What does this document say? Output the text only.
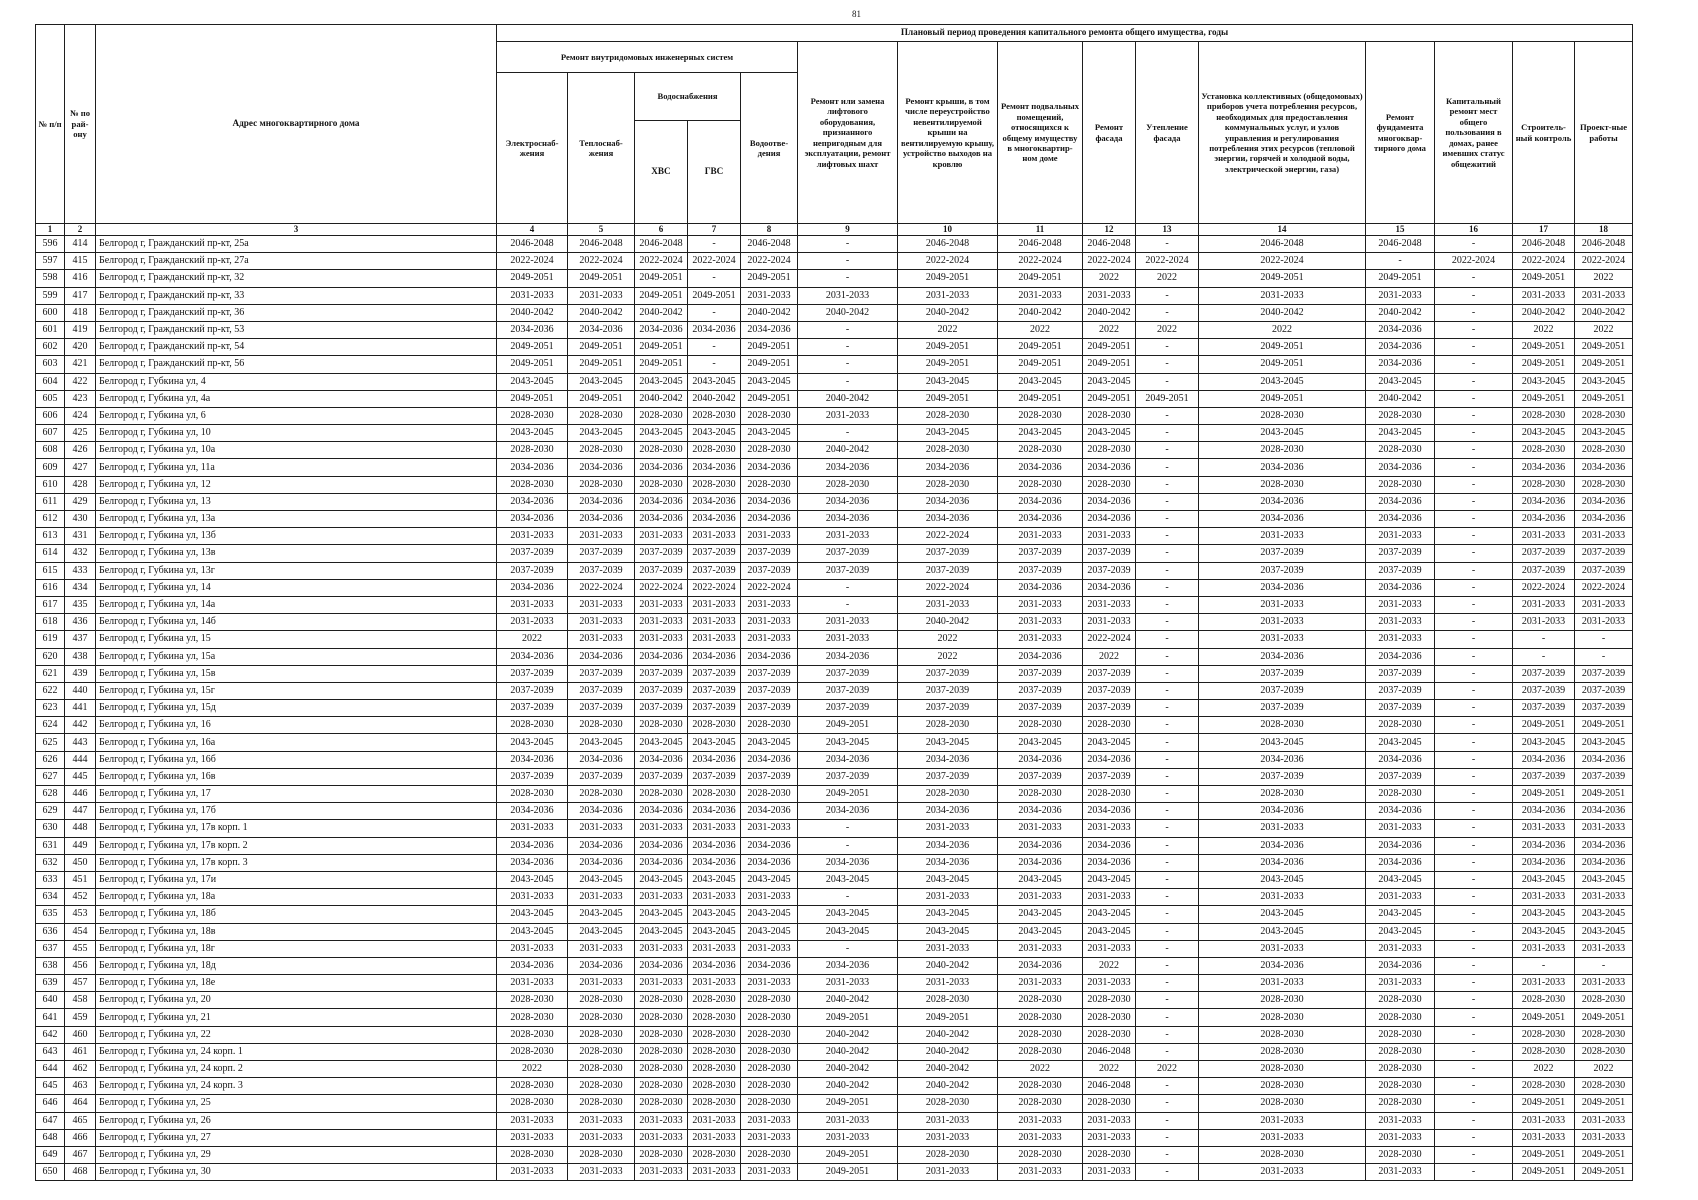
81
№ п/п	№ по рай-ону	Адрес многоквартирного дома	Плановый период проведения капитального ремонта общего имущества, годы														
			Ремонт внутридомовых инженерных систем					Ремонт или замена лифтового оборудования, признанного непригодным для эксплуатации, ремонт лифтовых шахт	Ремонт крыши, в том числе переустройство невентилируемой крыши на вентилируемую крышу, устройство выходов на кровлю	Ремонт подвальных помещений, относящихся к общему имуществу в многоквартир-ном доме	Ремонт фасада	Утепление фасада	Установка коллективных (общедомовых) приборов учета потребления ресурсов, необходимых для предоставления коммунальных услуг, и узлов управления и регулирования потребления этих ресурсов (тепловой энергии, горячей и холодной воды, электрической энергии, газа)	Ремонт фундамента многоквар-тирного дома	Капитальный ремонт мест общего пользования в домах, ранее имевших статус общежитий	Строитель-ный контроль	Проект-ные работы
			Электроснаб-жения	Теплоснаб-жения	Водоснабжения		Водоотве-дения										
					ХВС	ГВС											
1	2	3	4	5	6	7	8	9	10	11	12	13	14	15	16	17	18
596	414	Белгород г, Гражданский пр-кт, 25а	2046-2048	2046-2048	2046-2048	-	2046-2048	-	2046-2048	2046-2048	2046-2048	-	2046-2048	2046-2048	-	2046-2048	2046-2048
597	415	Белгород г, Гражданский пр-кт, 27а	2022-2024	2022-2024	2022-2024	2022-2024	2022-2024	-	2022-2024	2022-2024	2022-2024	2022-2024	2022-2024	-	2022-2024	2022-2024	2022-2024
598	416	Белгород г, Гражданский пр-кт, 32	2049-2051	2049-2051	2049-2051	-	2049-2051	-	2049-2051	2049-2051	2022	2022	2049-2051	2049-2051	-	2049-2051	2022
599	417	Белгород г, Гражданский пр-кт, 33	2031-2033	2031-2033	2049-2051	2049-2051	2031-2033	2031-2033	2031-2033	2031-2033	2031-2033	-	2031-2033	2031-2033	-	2031-2033	2031-2033
600	418	Белгород г, Гражданский пр-кт, 36	2040-2042	2040-2042	2040-2042	-	2040-2042	2040-2042	2040-2042	2040-2042	2040-2042	-	2040-2042	2040-2042	-	2040-2042	2040-2042
601	419	Белгород г, Гражданский пр-кт, 53	2034-2036	2034-2036	2034-2036	2034-2036	2034-2036	-	2022	2022	2022	2022	2022	2034-2036	-	2022	2022
602	420	Белгород г, Гражданский пр-кт, 54	2049-2051	2049-2051	2049-2051	-	2049-2051	-	2049-2051	2049-2051	2049-2051	-	2049-2051	2034-2036	-	2049-2051	2049-2051
603	421	Белгород г, Гражданский пр-кт, 56	2049-2051	2049-2051	2049-2051	-	2049-2051	-	2049-2051	2049-2051	2049-2051	-	2049-2051	2034-2036	-	2049-2051	2049-2051
604	422	Белгород г, Губкина ул, 4	2043-2045	2043-2045	2043-2045	2043-2045	2043-2045	-	2043-2045	2043-2045	2043-2045	-	2043-2045	2043-2045	-	2043-2045	2043-2045
605	423	Белгород г, Губкина ул, 4а	2049-2051	2049-2051	2040-2042	2040-2042	2049-2051	2040-2042	2049-2051	2049-2051	2049-2051	2049-2051	2049-2051	2040-2042	-	2049-2051	2049-2051
606	424	Белгород г, Губкина ул, 6	2028-2030	2028-2030	2028-2030	2028-2030	2028-2030	2031-2033	2028-2030	2028-2030	2028-2030	-	2028-2030	2028-2030	-	2028-2030	2028-2030
607	425	Белгород г, Губкина ул, 10	2043-2045	2043-2045	2043-2045	2043-2045	2043-2045	-	2043-2045	2043-2045	2043-2045	-	2043-2045	2043-2045	-	2043-2045	2043-2045
608	426	Белгород г, Губкина ул, 10а	2028-2030	2028-2030	2028-2030	2028-2030	2028-2030	2040-2042	2028-2030	2028-2030	2028-2030	-	2028-2030	2028-2030	-	2028-2030	2028-2030
609	427	Белгород г, Губкина ул, 11а	2034-2036	2034-2036	2034-2036	2034-2036	2034-2036	2034-2036	2034-2036	2034-2036	2034-2036	-	2034-2036	2034-2036	-	2034-2036	2034-2036
610	428	Белгород г, Губкина ул, 12	2028-2030	2028-2030	2028-2030	2028-2030	2028-2030	2028-2030	2028-2030	2028-2030	2028-2030	-	2028-2030	2028-2030	-	2028-2030	2028-2030
611	429	Белгород г, Губкина ул, 13	2034-2036	2034-2036	2034-2036	2034-2036	2034-2036	2034-2036	2034-2036	2034-2036	2034-2036	-	2034-2036	2034-2036	-	2034-2036	2034-2036
612	430	Белгород г, Губкина ул, 13а	2034-2036	2034-2036	2034-2036	2034-2036	2034-2036	2034-2036	2034-2036	2034-2036	2034-2036	-	2034-2036	2034-2036	-	2034-2036	2034-2036
613	431	Белгород г, Губкина ул, 13б	2031-2033	2031-2033	2031-2033	2031-2033	2031-2033	2031-2033	2022-2024	2031-2033	2031-2033	-	2031-2033	2031-2033	-	2031-2033	2031-2033
614	432	Белгород г, Губкина ул, 13в	2037-2039	2037-2039	2037-2039	2037-2039	2037-2039	2037-2039	2037-2039	2037-2039	2037-2039	-	2037-2039	2037-2039	-	2037-2039	2037-2039
615	433	Белгород г, Губкина ул, 13г	2037-2039	2037-2039	2037-2039	2037-2039	2037-2039	2037-2039	2037-2039	2037-2039	2037-2039	-	2037-2039	2037-2039	-	2037-2039	2037-2039
616	434	Белгород г, Губкина ул, 14	2034-2036	2022-2024	2022-2024	2022-2024	2022-2024	-	2022-2024	2034-2036	2034-2036	-	2034-2036	2034-2036	-	2022-2024	2022-2024
617	435	Белгород г, Губкина ул, 14а	2031-2033	2031-2033	2031-2033	2031-2033	2031-2033	-	2031-2033	2031-2033	2031-2033	-	2031-2033	2031-2033	-	2031-2033	2031-2033
618	436	Белгород г, Губкина ул, 14б	2031-2033	2031-2033	2031-2033	2031-2033	2031-2033	2031-2033	2040-2042	2031-2033	2031-2033	-	2031-2033	2031-2033	-	2031-2033	2031-2033
619	437	Белгород г, Губкина ул, 15	2022	2031-2033	2031-2033	2031-2033	2031-2033	2031-2033	2022	2031-2033	2022-2024	-	2031-2033	2031-2033	-	-	-
620	438	Белгород г, Губкина ул, 15а	2034-2036	2034-2036	2034-2036	2034-2036	2034-2036	2034-2036	2022	2034-2036	2022	-	2034-2036	2034-2036	-	-	-
621	439	Белгород г, Губкина ул, 15в	2037-2039	2037-2039	2037-2039	2037-2039	2037-2039	2037-2039	2037-2039	2037-2039	2037-2039	-	2037-2039	2037-2039	-	2037-2039	2037-2039
622	440	Белгород г, Губкина ул, 15г	2037-2039	2037-2039	2037-2039	2037-2039	2037-2039	2037-2039	2037-2039	2037-2039	2037-2039	-	2037-2039	2037-2039	-	2037-2039	2037-2039
623	441	Белгород г, Губкина ул, 15д	2037-2039	2037-2039	2037-2039	2037-2039	2037-2039	2037-2039	2037-2039	2037-2039	2037-2039	-	2037-2039	2037-2039	-	2037-2039	2037-2039
624	442	Белгород г, Губкина ул, 16	2028-2030	2028-2030	2028-2030	2028-2030	2028-2030	2049-2051	2028-2030	2028-2030	2028-2030	-	2028-2030	2028-2030	-	2049-2051	2049-2051
625	443	Белгород г, Губкина ул, 16а	2043-2045	2043-2045	2043-2045	2043-2045	2043-2045	2043-2045	2043-2045	2043-2045	2043-2045	-	2043-2045	2043-2045	-	2043-2045	2043-2045
626	444	Белгород г, Губкина ул, 16б	2034-2036	2034-2036	2034-2036	2034-2036	2034-2036	2034-2036	2034-2036	2034-2036	2034-2036	-	2034-2036	2034-2036	-	2034-2036	2034-2036
627	445	Белгород г, Губкина ул, 16в	2037-2039	2037-2039	2037-2039	2037-2039	2037-2039	2037-2039	2037-2039	2037-2039	2037-2039	-	2037-2039	2037-2039	-	2037-2039	2037-2039
628	446	Белгород г, Губкина ул, 17	2028-2030	2028-2030	2028-2030	2028-2030	2028-2030	2049-2051	2028-2030	2028-2030	2028-2030	-	2028-2030	2028-2030	-	2049-2051	2049-2051
629	447	Белгород г, Губкина ул, 17б	2034-2036	2034-2036	2034-2036	2034-2036	2034-2036	2034-2036	2034-2036	2034-2036	2034-2036	-	2034-2036	2034-2036	-	2034-2036	2034-2036
630	448	Белгород г, Губкина ул, 17в корп. 1	2031-2033	2031-2033	2031-2033	2031-2033	2031-2033	-	2031-2033	2031-2033	2031-2033	-	2031-2033	2031-2033	-	2031-2033	2031-2033
631	449	Белгород г, Губкина ул, 17в корп. 2	2034-2036	2034-2036	2034-2036	2034-2036	2034-2036	-	2034-2036	2034-2036	2034-2036	-	2034-2036	2034-2036	-	2034-2036	2034-2036
632	450	Белгород г, Губкина ул, 17в корп. 3	2034-2036	2034-2036	2034-2036	2034-2036	2034-2036	2034-2036	2034-2036	2034-2036	2034-2036	-	2034-2036	2034-2036	-	2034-2036	2034-2036
633	451	Белгород г, Губкина ул, 17и	2043-2045	2043-2045	2043-2045	2043-2045	2043-2045	2043-2045	2043-2045	2043-2045	2043-2045	-	2043-2045	2043-2045	-	2043-2045	2043-2045
634	452	Белгород г, Губкина ул, 18а	2031-2033	2031-2033	2031-2033	2031-2033	2031-2033	-	2031-2033	2031-2033	2031-2033	-	2031-2033	2031-2033	-	2031-2033	2031-2033
635	453	Белгород г, Губкина ул, 18б	2043-2045	2043-2045	2043-2045	2043-2045	2043-2045	2043-2045	2043-2045	2043-2045	2043-2045	-	2043-2045	2043-2045	-	2043-2045	2043-2045
636	454	Белгород г, Губкина ул, 18в	2043-2045	2043-2045	2043-2045	2043-2045	2043-2045	2043-2045	2043-2045	2043-2045	2043-2045	-	2043-2045	2043-2045	-	2043-2045	2043-2045
637	455	Белгород г, Губкина ул, 18г	2031-2033	2031-2033	2031-2033	2031-2033	2031-2033	-	2031-2033	2031-2033	2031-2033	-	2031-2033	2031-2033	-	2031-2033	2031-2033
638	456	Белгород г, Губкина ул, 18д	2034-2036	2034-2036	2034-2036	2034-2036	2034-2036	2034-2036	2040-2042	2034-2036	2022	-	2034-2036	2034-2036	-	-	-
639	457	Белгород г, Губкина ул, 18е	2031-2033	2031-2033	2031-2033	2031-2033	2031-2033	2031-2033	2031-2033	2031-2033	2031-2033	-	2031-2033	2031-2033	-	2031-2033	2031-2033
640	458	Белгород г, Губкина ул, 20	2028-2030	2028-2030	2028-2030	2028-2030	2028-2030	2040-2042	2028-2030	2028-2030	2028-2030	-	2028-2030	2028-2030	-	2028-2030	2028-2030
641	459	Белгород г, Губкина ул, 21	2028-2030	2028-2030	2028-2030	2028-2030	2028-2030	2049-2051	2049-2051	2028-2030	2028-2030	-	2028-2030	2028-2030	-	2049-2051	2049-2051
642	460	Белгород г, Губкина ул, 22	2028-2030	2028-2030	2028-2030	2028-2030	2028-2030	2040-2042	2040-2042	2028-2030	2028-2030	-	2028-2030	2028-2030	-	2028-2030	2028-2030
643	461	Белгород г, Губкина ул, 24 корп. 1	2028-2030	2028-2030	2028-2030	2028-2030	2028-2030	2040-2042	2040-2042	2028-2030	2046-2048	-	2028-2030	2028-2030	-	2028-2030	2028-2030
644	462	Белгород г, Губкина ул, 24 корп. 2	2022	2028-2030	2028-2030	2028-2030	2028-2030	2040-2042	2040-2042	2022	2022	2022	2028-2030	2028-2030	-	2022	2022
645	463	Белгород г, Губкина ул, 24 корп. 3	2028-2030	2028-2030	2028-2030	2028-2030	2028-2030	2040-2042	2040-2042	2028-2030	2046-2048	-	2028-2030	2028-2030	-	2028-2030	2028-2030
646	464	Белгород г, Губкина ул, 25	2028-2030	2028-2030	2028-2030	2028-2030	2028-2030	2049-2051	2028-2030	2028-2030	2028-2030	-	2028-2030	2028-2030	-	2049-2051	2049-2051
647	465	Белгород г, Губкина ул, 26	2031-2033	2031-2033	2031-2033	2031-2033	2031-2033	2031-2033	2031-2033	2031-2033	2031-2033	-	2031-2033	2031-2033	-	2031-2033	2031-2033
648	466	Белгород г, Губкина ул, 27	2031-2033	2031-2033	2031-2033	2031-2033	2031-2033	2031-2033	2031-2033	2031-2033	2031-2033	-	2031-2033	2031-2033	-	2031-2033	2031-2033
649	467	Белгород г, Губкина ул, 29	2028-2030	2028-2030	2028-2030	2028-2030	2028-2030	2049-2051	2028-2030	2028-2030	2028-2030	-	2028-2030	2028-2030	-	2049-2051	2049-2051
650	468	Белгород г, Губкина ул, 30	2031-2033	2031-2033	2031-2033	2031-2033	2031-2033	2049-2051	2031-2033	2031-2033	2031-2033	-	2031-2033	2031-2033	-	2049-2051	2049-2051
